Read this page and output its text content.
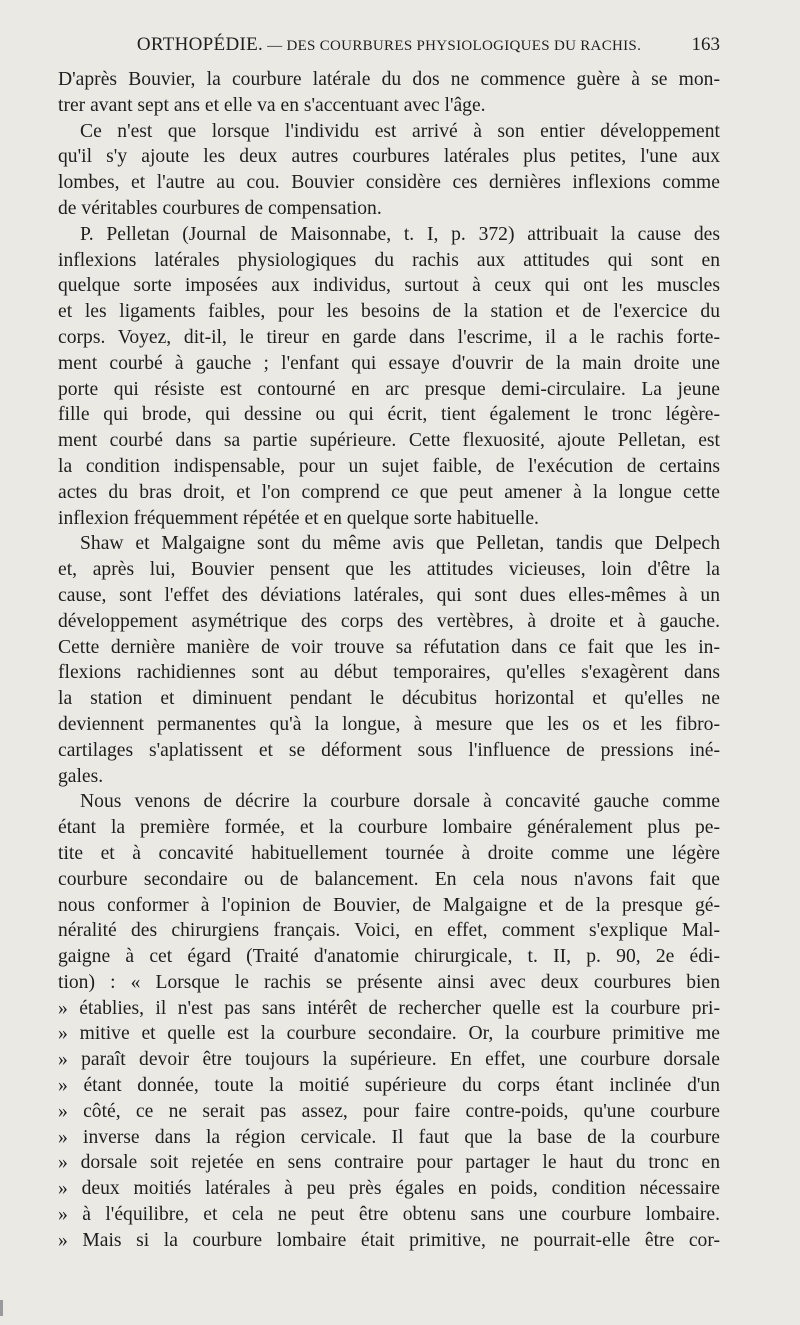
ORTHOPÉDIE. — DES COURBURES PHYSIOLOGIQUES DU RACHIS.	163
D'après Bouvier, la courbure latérale du dos ne commence guère à se mon-
trer avant sept ans et elle va en s'accentuant avec l'âge.
Ce n'est que lorsque l'individu est arrivé à son entier développement
qu'il s'y ajoute les deux autres courbures latérales plus petites, l'une aux
lombes, et l'autre au cou. Bouvier considère ces dernières inflexions comme
de véritables courbures de compensation.
P. Pelletan (Journal de Maisonnabe, t. I, p. 372) attribuait la cause des
inflexions latérales physiologiques du rachis aux attitudes qui sont en
quelque sorte imposées aux individus, surtout à ceux qui ont les muscles
et les ligaments faibles, pour les besoins de la station et de l'exercice du
corps. Voyez, dit-il, le tireur en garde dans l'escrime, il a le rachis forte-
ment courbé à gauche ; l'enfant qui essaye d'ouvrir de la main droite une
porte qui résiste est contourné en arc presque demi-circulaire. La jeune
fille qui brode, qui dessine ou qui écrit, tient également le tronc légère-
ment courbé dans sa partie supérieure. Cette flexuosité, ajoute Pelletan, est
la condition indispensable, pour un sujet faible, de l'exécution de certains
actes du bras droit, et l'on comprend ce que peut amener à la longue cette
inflexion fréquemment répétée et en quelque sorte habituelle.
Shaw et Malgaigne sont du même avis que Pelletan, tandis que Delpech
et, après lui, Bouvier pensent que les attitudes vicieuses, loin d'être la
cause, sont l'effet des déviations latérales, qui sont dues elles-mêmes à un
développement asymétrique des corps des vertèbres, à droite et à gauche.
Cette dernière manière de voir trouve sa réfutation dans ce fait que les in-
flexions rachidiennes sont au début temporaires, qu'elles s'exagèrent dans
la station et diminuent pendant le décubitus horizontal et qu'elles ne
deviennent permanentes qu'à la longue, à mesure que les os et les fibro-
cartilages s'aplatissent et se déforment sous l'influence de pressions iné-
gales.
Nous venons de décrire la courbure dorsale à concavité gauche comme
étant la première formée, et la courbure lombaire généralement plus pe-
tite et à concavité habituellement tournée à droite comme une légère
courbure secondaire ou de balancement. En cela nous n'avons fait que
nous conformer à l'opinion de Bouvier, de Malgaigne et de la presque gé-
néralité des chirurgiens français. Voici, en effet, comment s'explique Mal-
gaigne à cet égard (Traité d'anatomie chirurgicale, t. II, p. 90, 2e édi-
tion) : « Lorsque le rachis se présente ainsi avec deux courbures bien
» établies, il n'est pas sans intérêt de rechercher quelle est la courbure pri-
» mitive et quelle est la courbure secondaire. Or, la courbure primitive me
» paraît devoir être toujours la supérieure. En effet, une courbure dorsale
» étant donnée, toute la moitié supérieure du corps étant inclinée d'un
» côté, ce ne serait pas assez, pour faire contre-poids, qu'une courbure
» inverse dans la région cervicale. Il faut que la base de la courbure
» dorsale soit rejetée en sens contraire pour partager le haut du tronc en
» deux moitiés latérales à peu près égales en poids, condition nécessaire
» à l'équilibre, et cela ne peut être obtenu sans une courbure lombaire.
» Mais si la courbure lombaire était primitive, ne pourrait-elle être cor-
